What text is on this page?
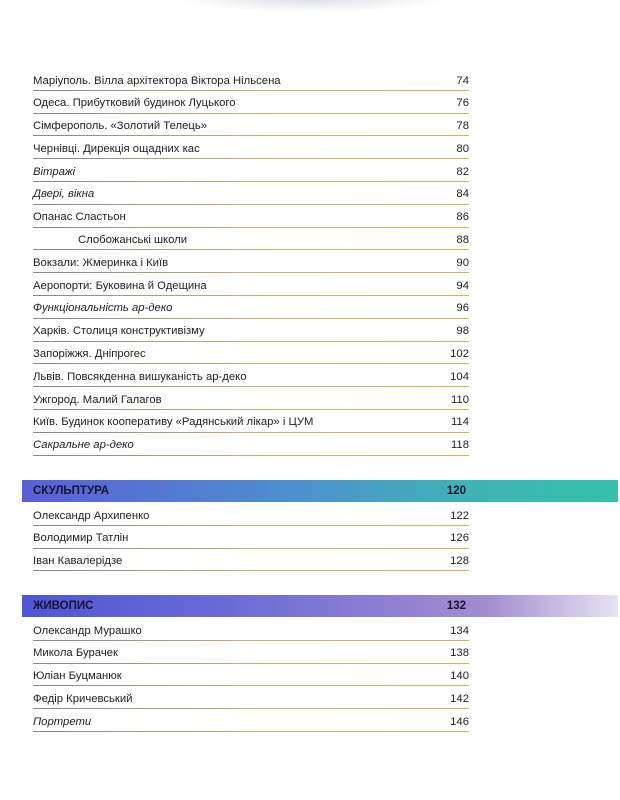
Маріуполь. Вілла архітектора Віктора Нільсена	74
Одеса. Прибутковий будинок Луцького	76
Сімферополь. «Золотий Телець»	78
Чернівці. Дирекція ощадних кас	80
Вітражі	82
Двері, вікна	84
Опанас Сластьон	86
Слобожанські школи	88
Вокзали: Жмеринка і Київ	90
Аеропорти: Буковина й Одещина	94
Функціональність ар-деко	96
Харків. Столиця конструктивізму	98
Запоріжжя. Дніпрогес	102
Львів. Повсякденна вишуканість ар-деко	104
Ужгород. Малий Галагов	110
Київ. Будинок кооперативу «Радянський лікар» і ЦУМ	114
Сакральне ар-деко	118
СКУЛЬПТУРА	120
Олександр Архипенко	122
Володимир Татлін	126
Іван Кавалерідзе	128
ЖИВОПИС	132
Олександр Мурашко	134
Микола Бурачек	138
Юліан Буцманюк	140
Федір Кричевський	142
Портрети	146
